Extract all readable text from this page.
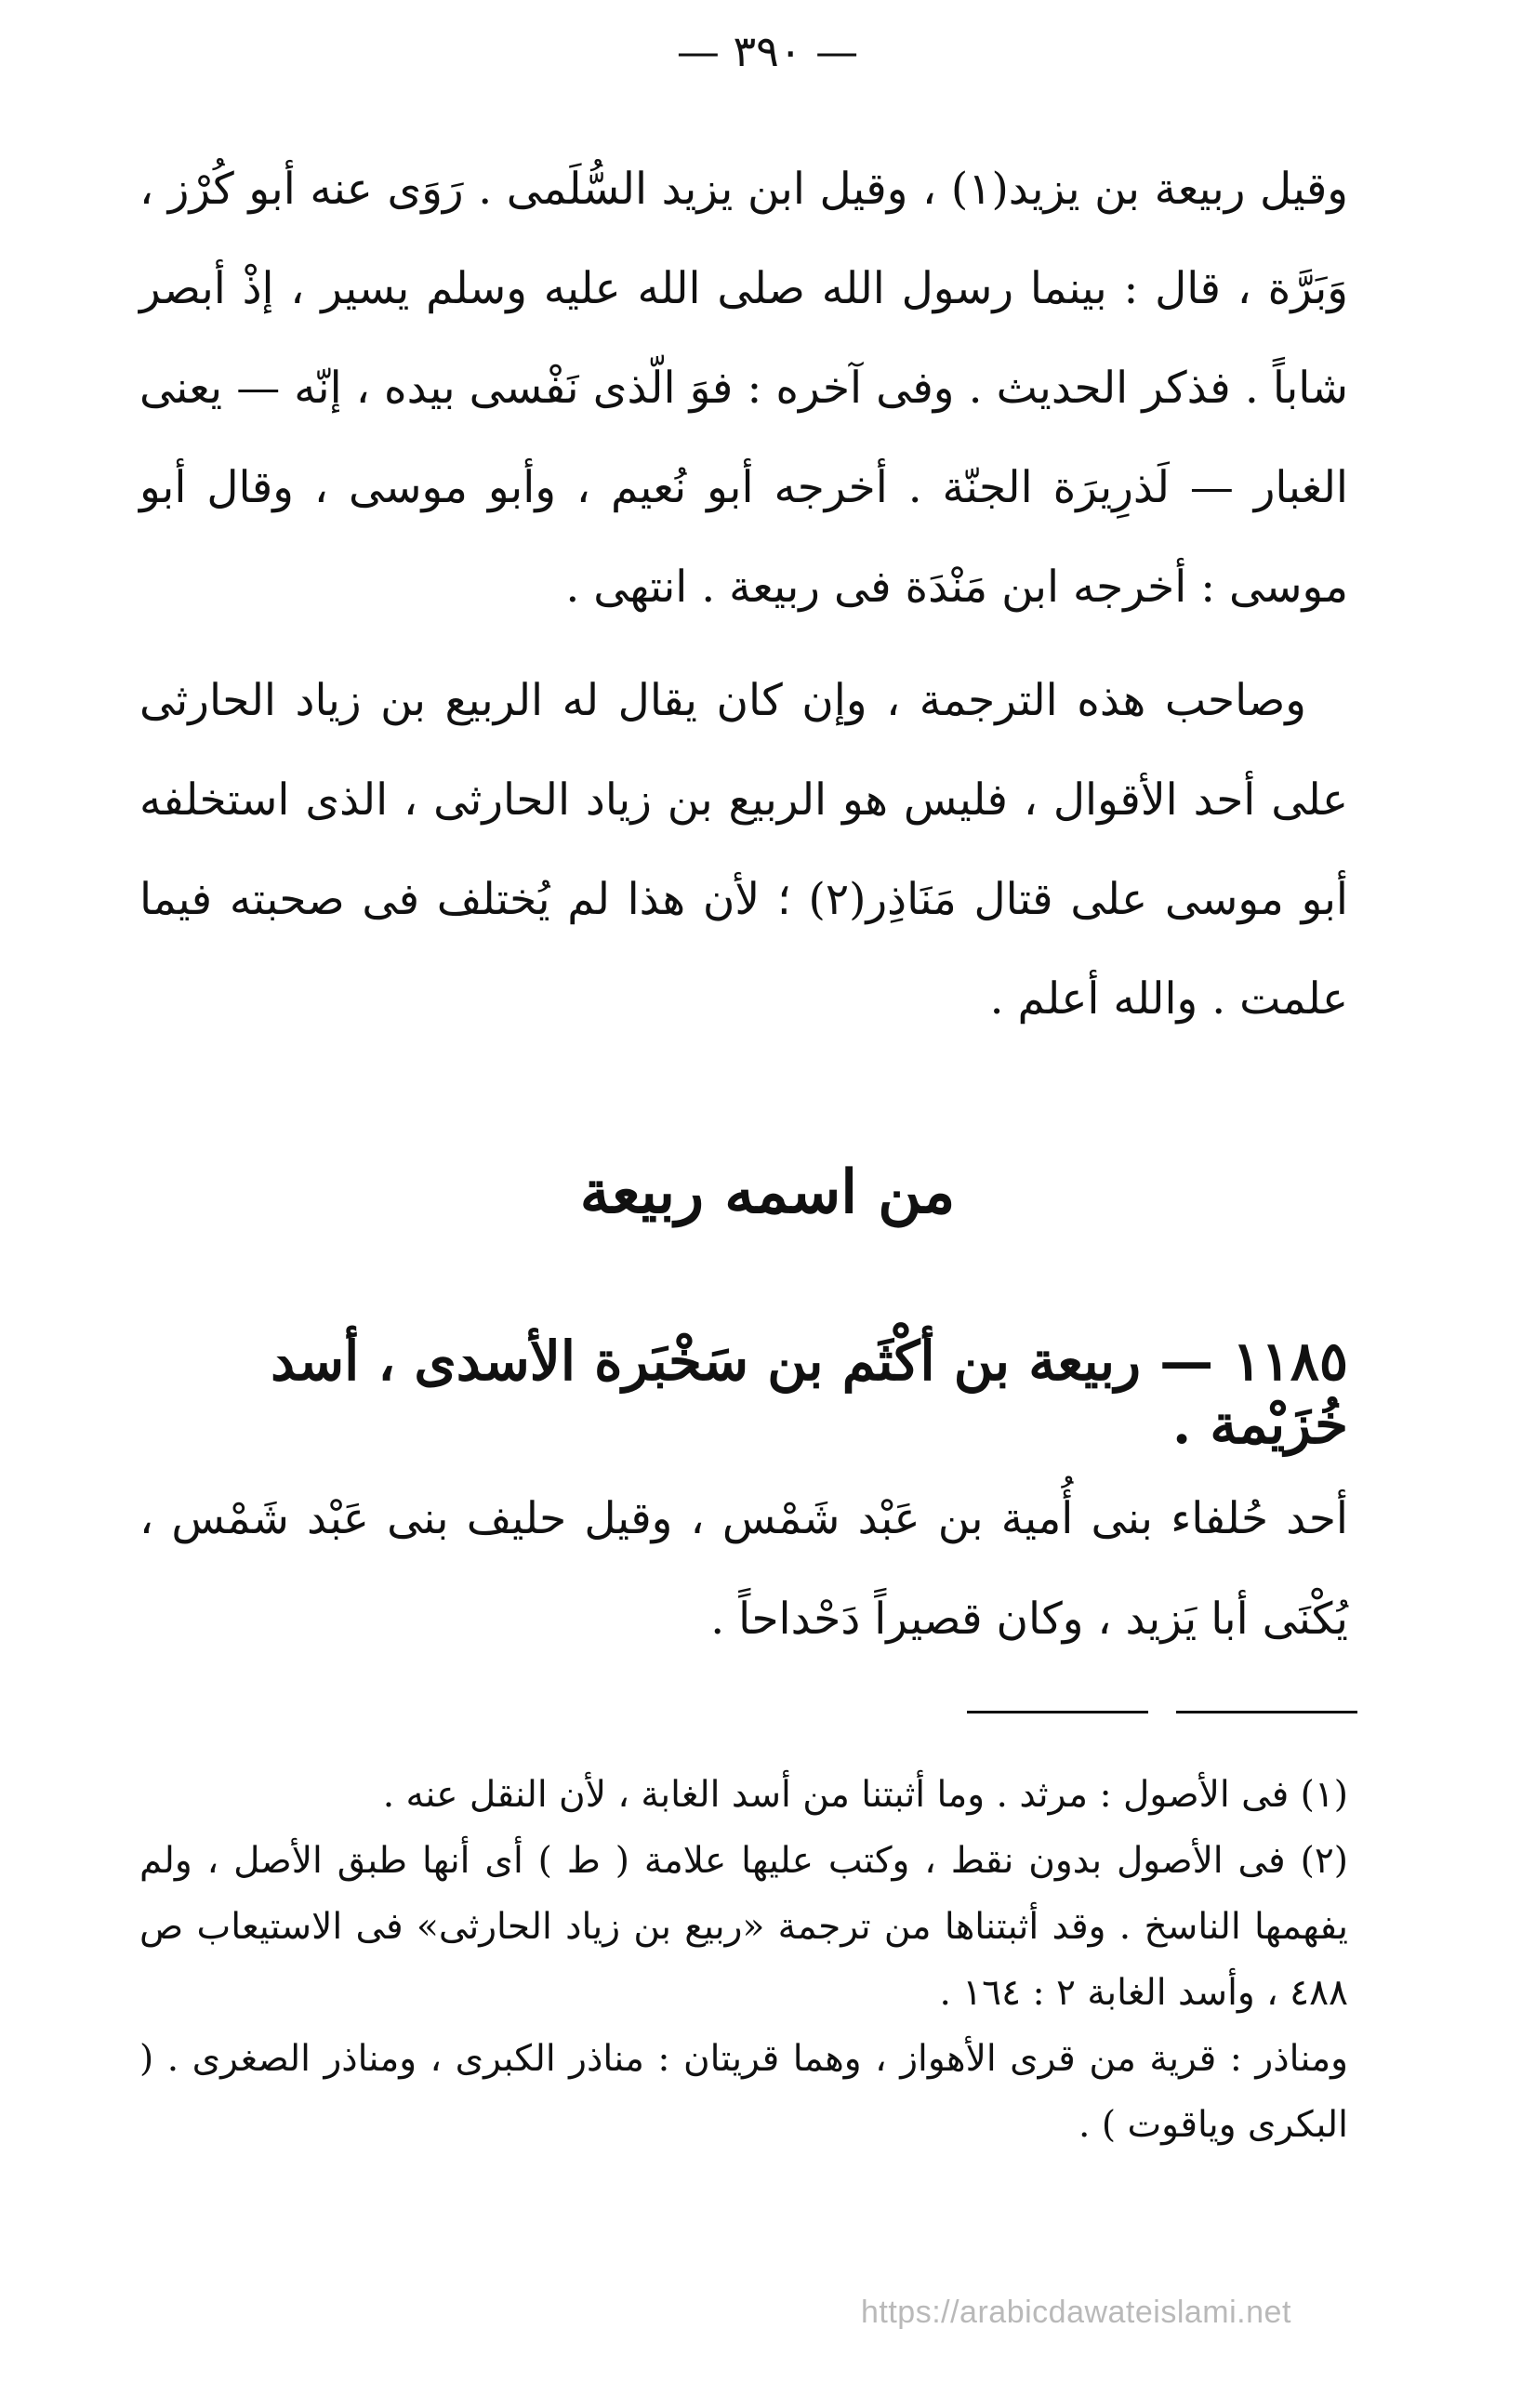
— ٣٩٠ —

وقيل ربيعة بن يزيد(١) ، وقيل ابن يزيد السُّلَمى . رَوَى عنه أبو كُرْز ، وَبَرَّة ، قال : بينما رسول الله صلى الله عليه وسلم يسير ، إذْ أبصر شاباً . فذكر الحديث . وفى آخره : فوَ الّذى نَفْسى بيده ، إنّه — يعنى الغبار — لَذرِيرَة الجنّة . أخرجه أبو نُعيم ، وأبو موسى ، وقال أبو موسى : أخرجه ابن مَنْدَة فى ربيعة . انتهى .

وصاحب هذه الترجمة ، وإن كان يقال له الربيع بن زياد الحارثى على أحد الأقوال ، فليس هو الربيع بن زياد الحارثى ، الذى استخلفه أبو موسى على قتال مَنَاذِر(٢) ؛ لأن هذا لم يُختلف فى صحبته فيما علمت . والله أعلم .

من اسمه ربيعة
١١٨٥ — ربيعة بن أكْثَم بن سَخْبَرة الأسدى ، أسد خُزَيْمة .

أحد حُلفاء بنى أُمية بن عَبْد شَمْس ، وقيل حليف بنى عَبْد شَمْس ، يُكْنَى أبا يَزيد ، وكان قصيراً دَحْداحاً .

(١) فى الأصول : مرثد . وما أثبتنا من أسد الغابة ، لأن النقل عنه .

(٢) فى الأصول بدون نقط ، وكتب عليها علامة ( ط ) أى أنها طبق الأصل ، ولم يفهمها الناسخ . وقد أثبتناها من ترجمة «ربيع بن زياد الحارثى» فى الاستيعاب ص ٤٨٨ ، وأسد الغابة ٢ : ١٦٤ .

ومناذر : قرية من قرى الأهواز ، وهما قريتان : مناذر الكبرى ، ومناذر الصغرى . ( البكرى وياقوت ) .

https://arabicdawateislami.net
